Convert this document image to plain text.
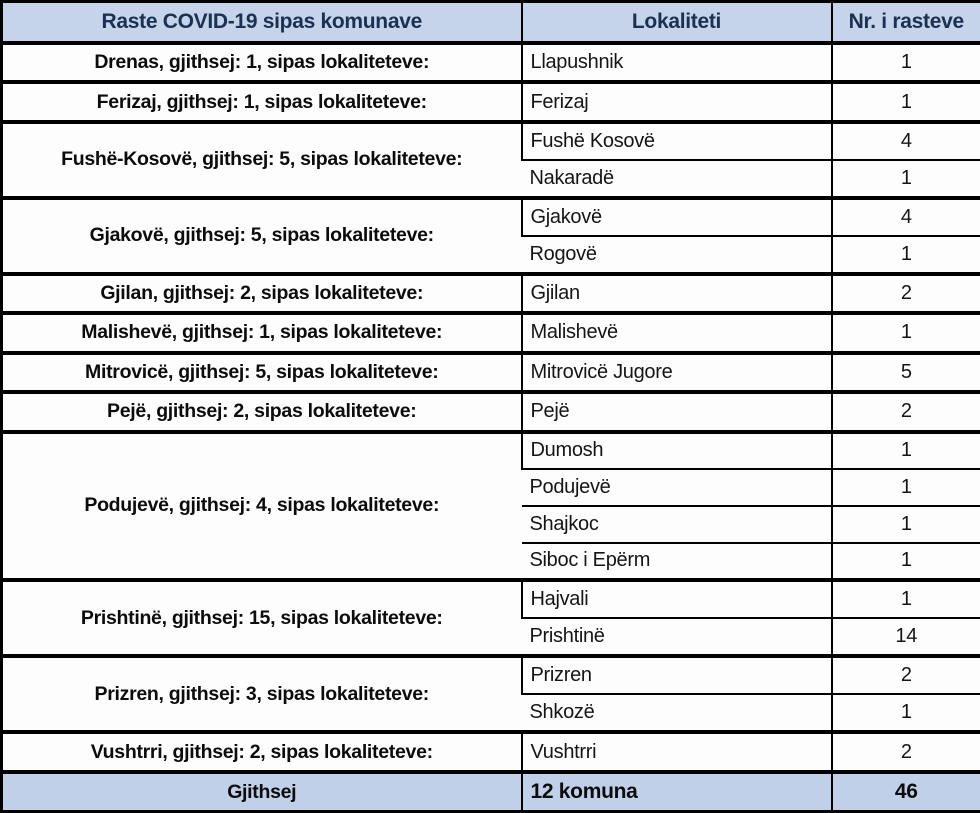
Raste COVID-19 sipas komunave	Lokaliteti	Nr. i rasteve
Drenas, gjithsej: 1, sipas lokaliteteve:	Llapushnik	1
Ferizaj, gjithsej: 1, sipas lokaliteteve:	Ferizaj	1
Fushë-Kosovë, gjithsej: 5, sipas lokaliteteve:	Fushë Kosovë	4
	Nakaradë	1
Gjakovë, gjithsej: 5, sipas lokaliteteve:	Gjakovë	4
	Rogovë	1
Gjilan, gjithsej: 2, sipas lokaliteteve:	Gjilan	2
Malishevë, gjithsej: 1, sipas lokaliteteve:	Malishevë	1
Mitrovicë, gjithsej: 5, sipas lokaliteteve:	Mitrovicë Jugore	5
Pejë, gjithsej: 2, sipas lokaliteteve:	Pejë	2
Podujevë, gjithsej: 4, sipas lokaliteteve:	Dumosh	1
	Podujevë	1
	Shajkoc	1
	Siboc i Epërm	1
Prishtinë, gjithsej: 15, sipas lokaliteteve:	Hajvali	1
	Prishtinë	14
Prizren, gjithsej: 3, sipas lokaliteteve:	Prizren	2
	Shkozë	1
Vushtrri, gjithsej: 2, sipas lokaliteteve:	Vushtrri	2
Gjithsej	12 komuna	46
